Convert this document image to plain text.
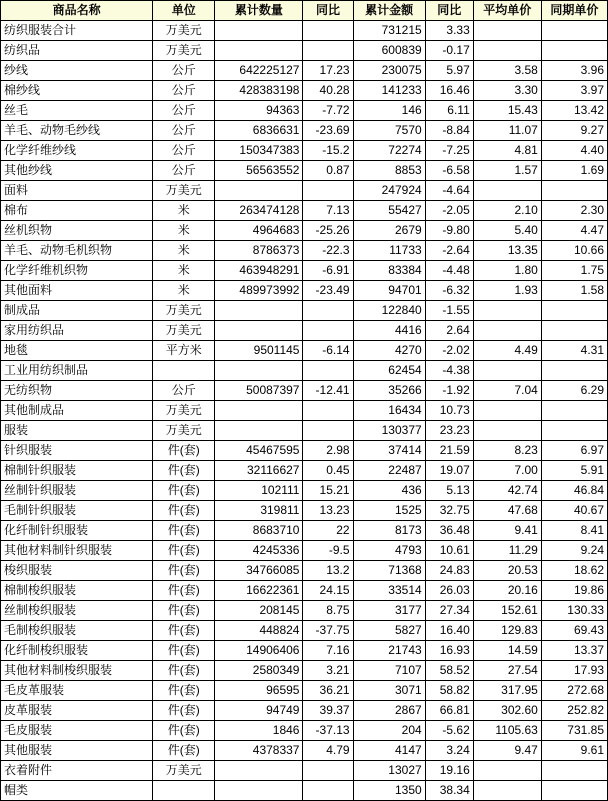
商品名称	单位	累计数量	同比	累计金额	同比	平均单价	同期单价
纺织服装合计	万美元			731215	3.33		
纺织品	万美元			600839	-0.17		
纱线	公斤	642225127	17.23	230075	5.97	3.58	3.96
棉纱线	公斤	428383198	40.28	141233	16.46	3.30	3.97
丝毛	公斤	94363	-7.72	146	6.11	15.43	13.42
羊毛、动物毛纱线	公斤	6836631	-23.69	7570	-8.84	11.07	9.27
化学纤维纱线	公斤	150347383	-15.2	72274	-7.25	4.81	4.40
其他纱线	公斤	56563552	0.87	8853	-6.58	1.57	1.69
面料	万美元			247924	-4.64		
棉布	米	263474128	7.13	55427	-2.05	2.10	2.30
丝机织物	米	4964683	-25.26	2679	-9.80	5.40	4.47
羊毛、动物毛机织物	米	8786373	-22.3	11733	-2.64	13.35	10.66
化学纤维机织物	米	463948291	-6.91	83384	-4.48	1.80	1.75
其他面料	米	489973992	-23.49	94701	-6.32	1.93	1.58
制成品	万美元			122840	-1.55		
家用纺织品	万美元			4416	2.64		
地毯	平方米	9501145	-6.14	4270	-2.02	4.49	4.31
工业用纺织制品				62454	-4.38		
无纺织物	公斤	50087397	-12.41	35266	-1.92	7.04	6.29
其他制成品	万美元			16434	10.73		
服装	万美元			130377	23.23		
针织服装	件(套)	45467595	2.98	37414	21.59	8.23	6.97
棉制针织服装	件(套)	32116627	0.45	22487	19.07	7.00	5.91
丝制针织服装	件(套)	102111	15.21	436	5.13	42.74	46.84
毛制针织服装	件(套)	319811	13.23	1525	32.75	47.68	40.67
化纤制针织服装	件(套)	8683710	22	8173	36.48	9.41	8.41
其他材料制针织服装	件(套)	4245336	-9.5	4793	10.61	11.29	9.24
梭织服装	件(套)	34766085	13.2	71368	24.83	20.53	18.62
棉制梭织服装	件(套)	16622361	24.15	33514	26.03	20.16	19.86
丝制梭织服装	件(套)	208145	8.75	3177	27.34	152.61	130.33
毛制梭织服装	件(套)	448824	-37.75	5827	16.40	129.83	69.43
化纤制梭织服装	件(套)	14906406	7.16	21743	16.93	14.59	13.37
其他材料制梭织服装	件(套)	2580349	3.21	7107	58.52	27.54	17.93
毛皮革服装	件(套)	96595	36.21	3071	58.82	317.95	272.68
皮革服装	件(套)	94749	39.37	2867	66.81	302.60	252.82
毛皮服装	件(套)	1846	-37.13	204	-5.62	1105.63	731.85
其他服装	件(套)	4378337	4.79	4147	3.24	9.47	9.61
衣着附件	万美元			13027	19.16		
帽类				1350	38.34		
